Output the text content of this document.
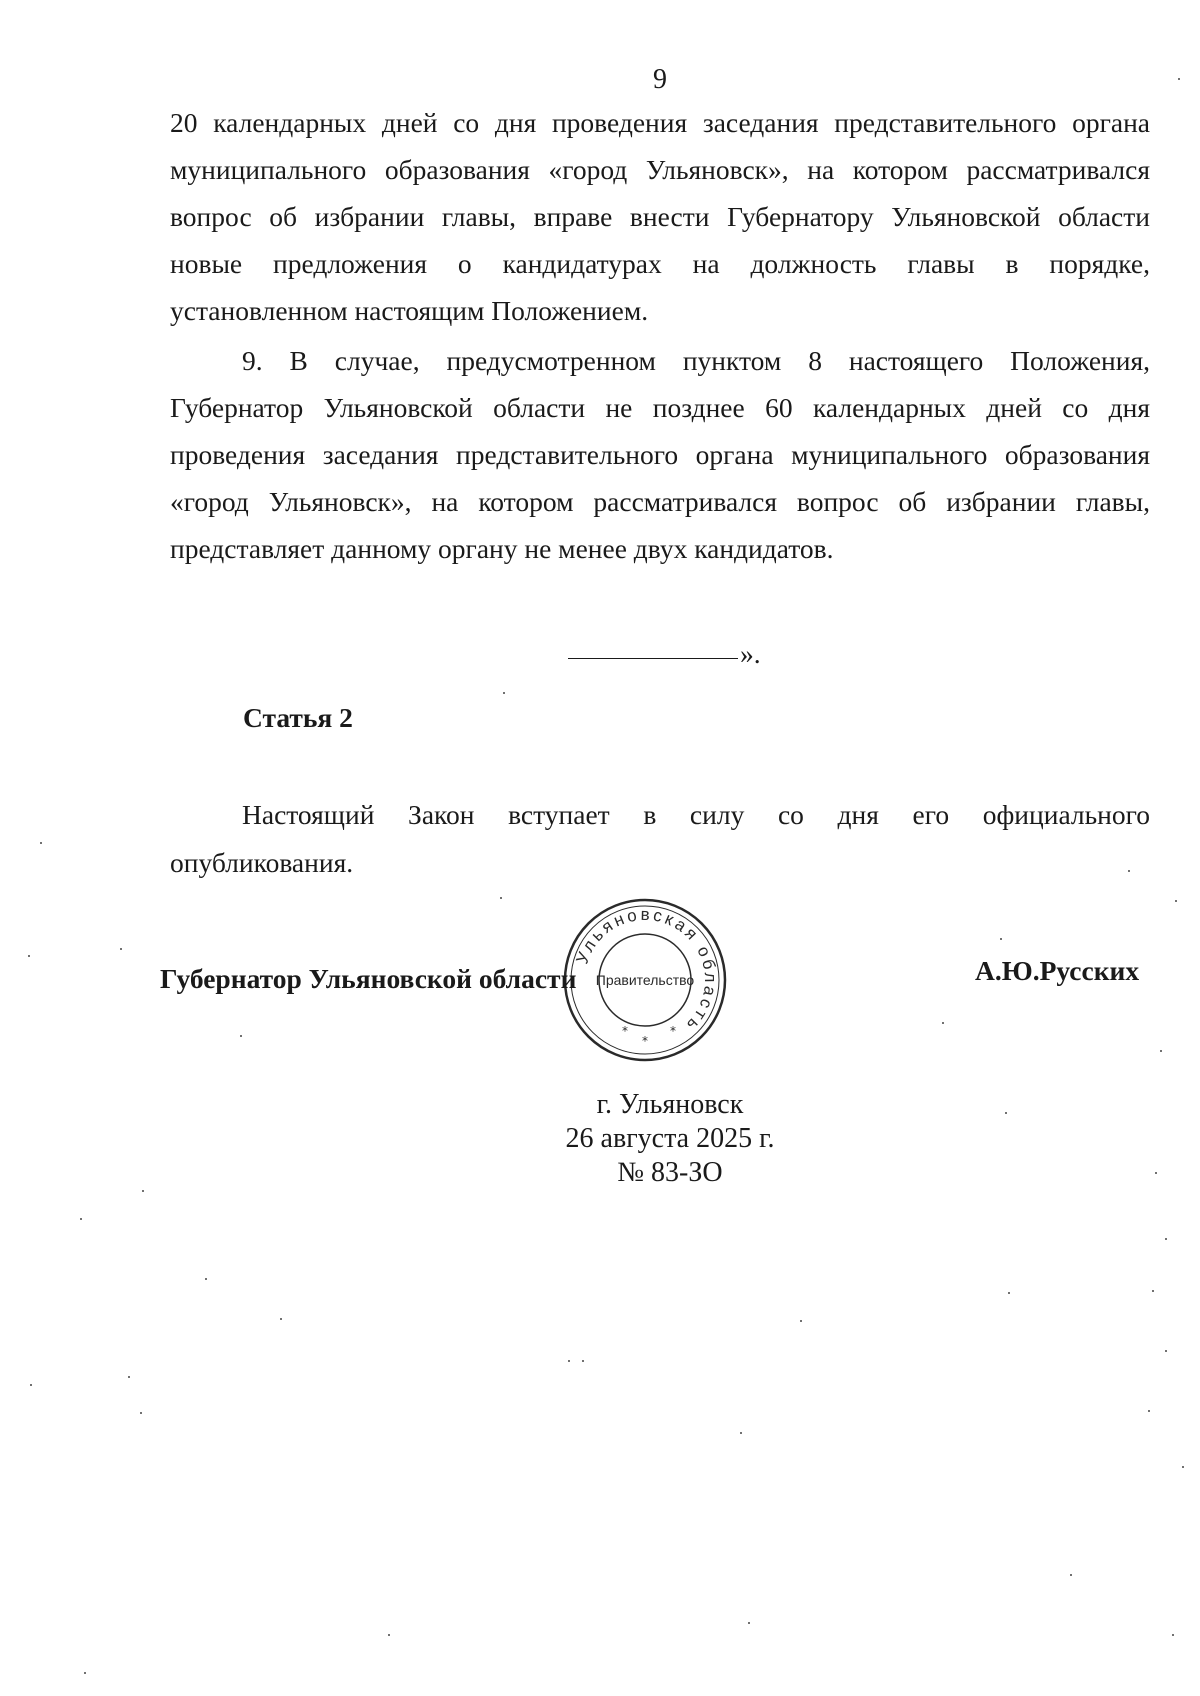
9
20 календарных дней со дня проведения заседания представительного органа
муниципального образования «город Ульяновск», на котором рассматривался
вопрос об избрании главы, вправе внести Губернатору Ульяновской области
новые предложения о кандидатурах на должность главы в порядке,
установленном настоящим Положением.
9. В случае, предусмотренном пунктом 8 настоящего Положения,
Губернатор Ульяновской области не позднее 60 календарных дней со дня
проведения заседания представительного органа муниципального образования
«город Ульяновск», на котором рассматривался вопрос об избрании главы,
представляет данному органу не менее двух кандидатов.
».
Статья 2
Настоящий Закон вступает в силу со дня его официального
опубликования.
Ульяновская область
Правительство
*
*
*
Губернатор Ульяновской области	А.Ю.Русских
г. Ульяновск
26 августа 2025 г.
№ 83-ЗО
